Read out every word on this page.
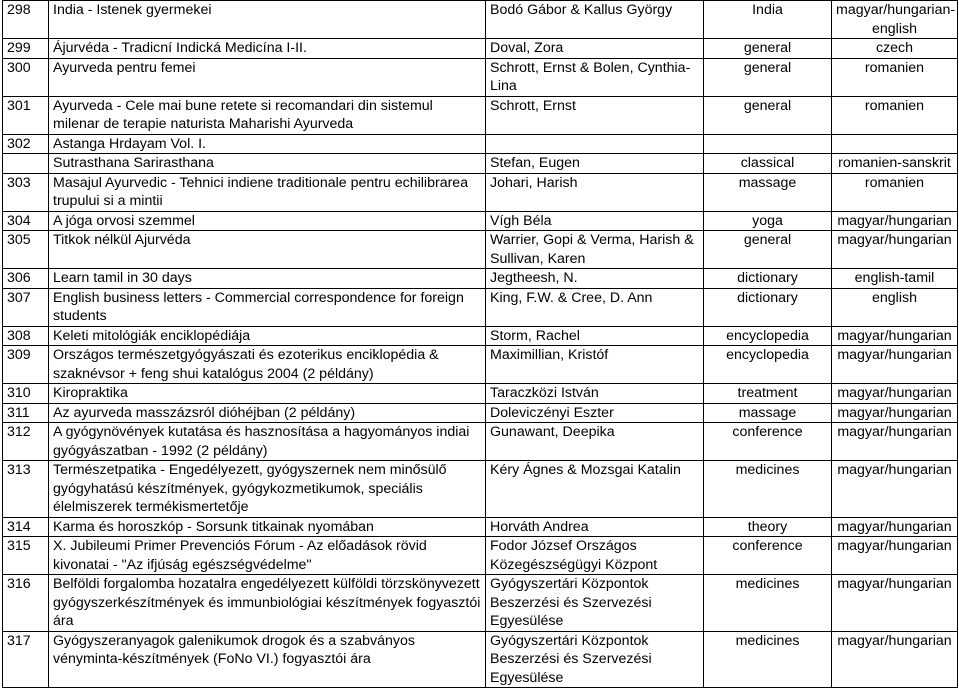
298	India - Istenek gyermekei	Bodó Gábor & Kallus György	India	magyar/hungarian-english
299	Ájurvéda - Tradicní Indická Medicína I-II.	Doval, Zora	general	czech
300	Ayurveda pentru femei	Schrott, Ernst & Bolen, Cynthia-Lina	general	romanien
301	Ayurveda - Cele mai bune retete si recomandari din sistemul milenar de terapie naturista Maharishi Ayurveda	Schrott, Ernst	general	romanien
302	Astanga Hrdayam Vol. I.			
	Sutrasthana Sarirasthana	Stefan, Eugen	classical	romanien-sanskrit
303	Masajul Ayurvedic - Tehnici indiene traditionale pentru echilibrarea trupului si a mintii	Johari, Harish	massage	romanien
304	A jóga orvosi szemmel	Vígh Béla	yoga	magyar/hungarian
305	Titkok nélkül Ajurvéda	Warrier, Gopi & Verma, Harish & Sullivan, Karen	general	magyar/hungarian
306	Learn tamil in 30 days	Jegtheesh, N.	dictionary	english-tamil
307	English business letters - Commercial correspondence for foreign students	King, F.W. & Cree, D. Ann	dictionary	english
308	Keleti mitológiák enciklopédiája	Storm, Rachel	encyclopedia	magyar/hungarian
309	Országos természetgyógyászati és ezoterikus enciklopédia & szaknévsor + feng shui katalógus 2004 (2 példány)	Maximillian, Kristóf	encyclopedia	magyar/hungarian
310	Kiropraktika	Taraczközi István	treatment	magyar/hungarian
311	Az ayurveda masszázsról dióhéjban (2 példány)	Doleviczényi Eszter	massage	magyar/hungarian
312	A gyógynövények kutatása és hasznosítása a hagyományos indiai gyógyászatban - 1992 (2 példány)	Gunawant, Deepika	conference	magyar/hungarian
313	Természetpatika - Engedélyezett, gyógyszernek nem minősülő gyógyhatású készítmények, gyógykozmetikumok, speciális élelmiszerek termékismertetője	Kéry Ágnes & Mozsgai Katalin	medicines	magyar/hungarian
314	Karma és horoszkóp - Sorsunk titkainak nyomában	Horváth Andrea	theory	magyar/hungarian
315	X. Jubileumi Primer Prevenciós Fórum - Az előadások rövid kivonatai - "Az ifjúság egészségvédelme"	Fodor József Országos Közegészségügyi Központ	conference	magyar/hungarian
316	Belföldi forgalomba hozatalra engedélyezett külföldi törzskönyvezett gyógyszerkészítmények és immunbiológiai készítmények fogyasztói ára	Gyógyszertári Központok Beszerzési és Szervezési Egyesülése	medicines	magyar/hungarian
317	Gyógyszeranyagok galenikumok drogok és a szabványos vényminta-készítmények (FoNo VI.) fogyasztói ára	Gyógyszertári Központok Beszerzési és Szervezési Egyesülése	medicines	magyar/hungarian
